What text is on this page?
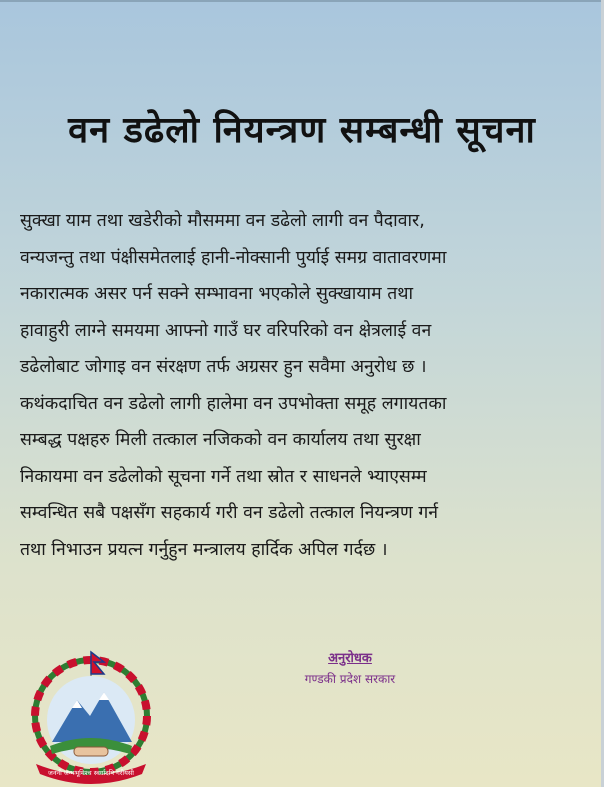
वन डढेलो नियन्त्रण सम्बन्धी सूचना
सुक्खा याम तथा खडेरीको मौसममा वन डढेलो लागी वन पैदावार,
वन्यजन्तु तथा पंक्षीसमेतलाई हानी-नोक्सानी पुर्याई समग्र वातावरणमा
नकारात्मक असर पर्न सक्ने सम्भावना भएकोले सुक्खायाम तथा
हावाहुरी लाग्ने समयमा आफ्नो गाउँ घर वरिपरिको वन क्षेत्रलाई वन
डढेलोबाट जोगाइ वन संरक्षण तर्फ अग्रसर हुन सवैमा अनुरोध छ ।
कथंकदाचित वन डढेलो लागी हालेमा वन उपभोक्ता समूह लगायतका
सम्बद्ध पक्षहरु मिली तत्काल नजिकको वन कार्यालय तथा सुरक्षा
निकायमा वन डढेलोको सूचना गर्ने तथा स्रोत र साधनले भ्याएसम्म
सम्वन्धित सबै पक्षसँग सहकार्य गरी वन डढेलो तत्काल नियन्त्रण गर्न
तथा निभाउन प्रयत्न गर्नुहुन मन्त्रालय हार्दिक अपिल गर्दछ ।
अनुरोधक
गण्डकी प्रदेश सरकार
जननी जन्मभूमिश्च स्वर्गादपि गरीयसी
